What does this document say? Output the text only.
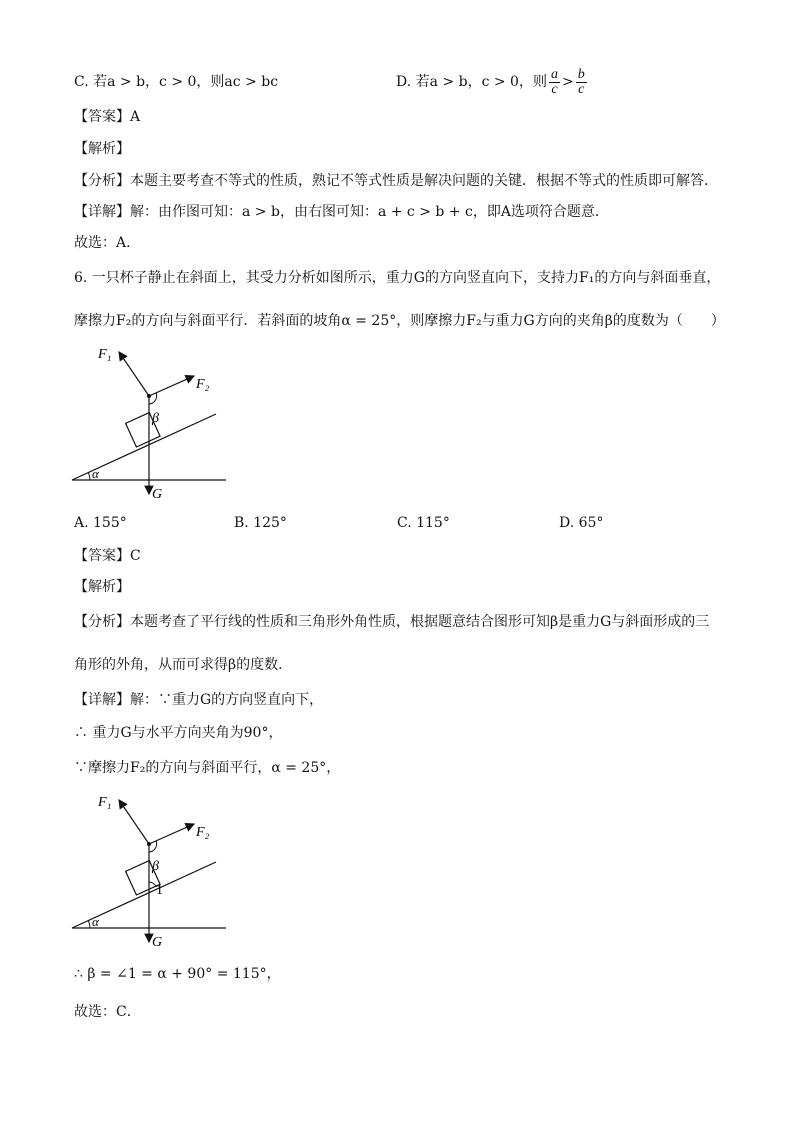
C. 若a > b，c > 0，则ac > bc	D. 若a > b，c > 0，则 $\frac{a}{c} > \frac{b}{c}$
【答案】A
【解析】
【分析】本题主要考查不等式的性质，熟记不等式性质是解决问题的关键．根据不等式的性质即可解答．
【详解】解：由作图可知：a > b，由右图可知：a + c > b + c，即A选项符合题意．
故选：A．
6. 一只杯子静止在斜面上，其受力分析如图所示，重力G的方向竖直向下，支持力F₁的方向与斜面垂直，
摩擦力F₂的方向与斜面平行．若斜面的坡角α = 25°，则摩擦力F₂与重力G方向的夹角β的度数为（　　）
F₁
F₂
β
α
G
A. 155°	B. 125°	C. 115°	D. 65°
【答案】C
【解析】
【分析】本题考查了平行线的性质和三角形外角性质，根据题意结合图形可知β是重力G与斜面形成的三
角形的外角，从而可求得β的度数．
【详解】解：∵重力G的方向竖直向下，
∴ 重力G与水平方向夹角为90°，
∵摩擦力F₂的方向与斜面平行，α = 25°，
F₁
F₂
β
1
α
G
∴ β = ∠1 = α + 90° = 115°，
故选：C．
